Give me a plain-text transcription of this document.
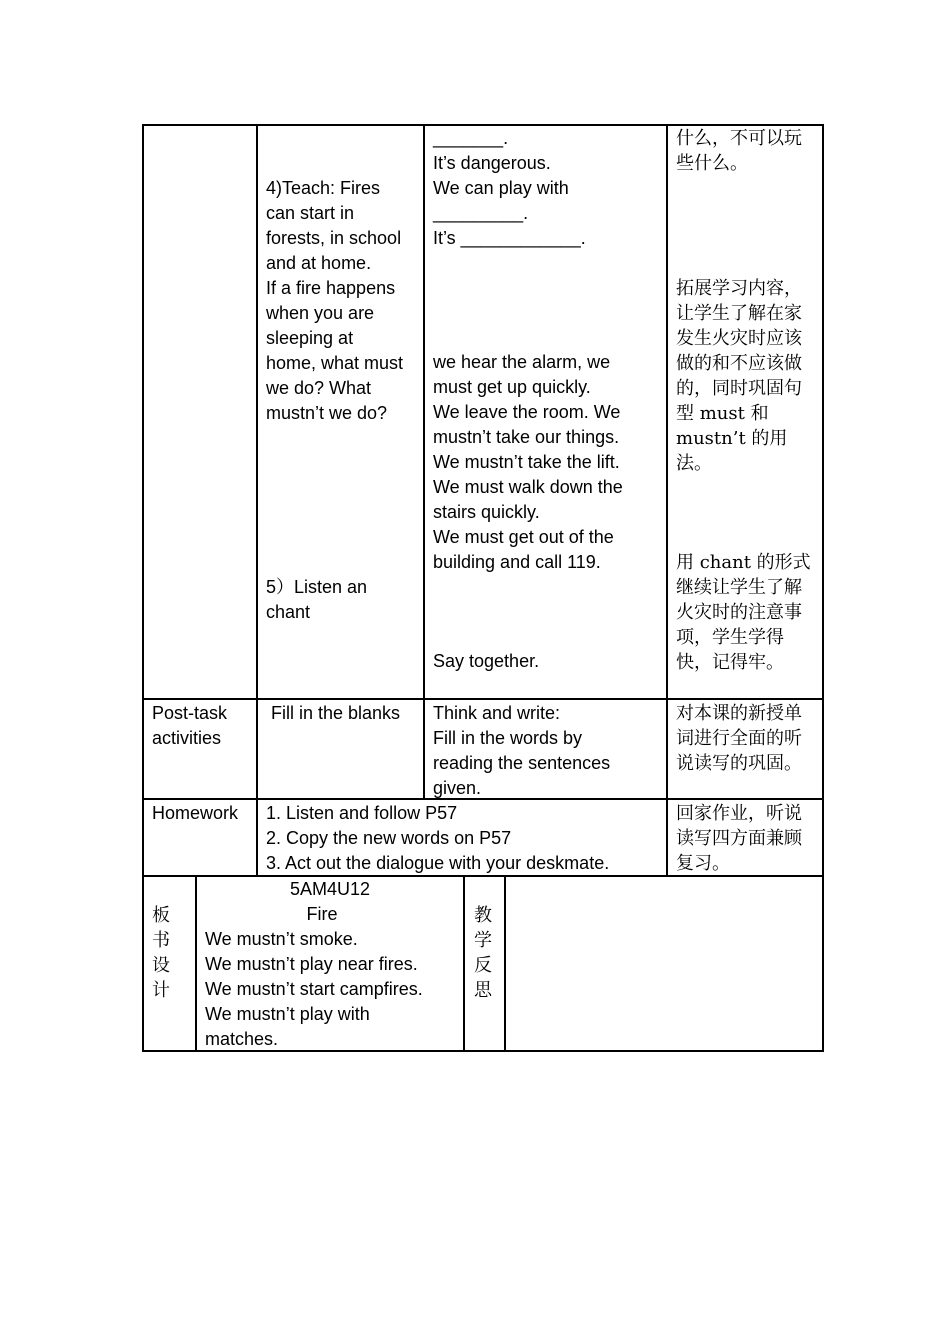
4)Teach: Fires
can start in
forests, in school
and at home.
If a fire happens
when you are
sleeping at
home, what must
we do? What
mustn’t we do?
5）Listen an
chant
_______.
It’s dangerous.
We can play with
_________.
It’s ____________.
we hear the alarm, we
must get up quickly.
We leave the room. We
mustn’t take our things.
We mustn’t take the lift.
We must walk down the
stairs quickly.
We must get out of the
building and call 119.
Say together.
什么，不可以玩
些什么。
拓展学习内容，
让学生了解在家
发生火灾时应该
做的和不应该做
的，同时巩固句
型 must 和
mustn’t 的用
法。
用 chant 的形式
继续让学生了解
火灾时的注意事
项，学生学得
快，记得牢。
Post-task
activities
Fill in the blanks Think and write:
Fill in the words by
reading the sentences
given.
对本课的新授单
词进行全面的听
说读写的巩固。
Homework 1. Listen and follow P57
2. Copy the new words on P57
3. Act out the dialogue with your deskmate.
回家作业，听说
读写四方面兼顾
复习。
板
书
设
计
5AM4U12
Fire
We mustn’t smoke.
We mustn’t play near fires.
We mustn’t start campfires.
We mustn’t play with
matches.
教
学
反
思
